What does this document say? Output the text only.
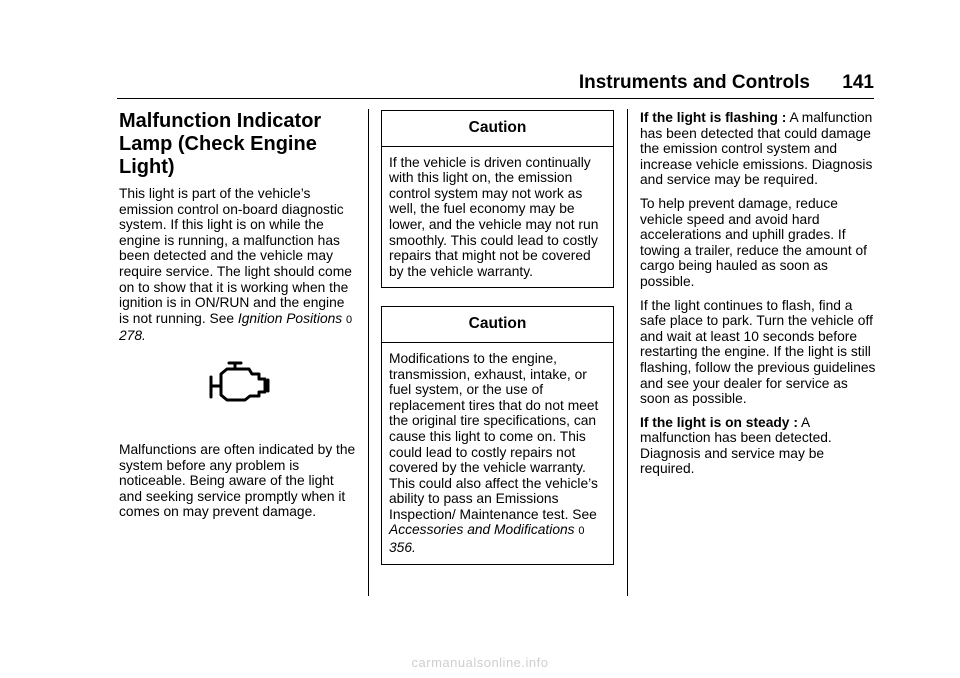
Instruments and Controls	141
Malfunction Indicator Lamp (Check Engine Light)

This light is part of the vehicle’s emission control on-board diagnostic system. If this light is on while the engine is running, a malfunction has been detected and the vehicle may require service. The light should come on to show that it is working when the ignition is in ON/RUN and the engine is not running. See Ignition Positions 0 278.

Malfunctions are often indicated by the system before any problem is noticeable. Being aware of the light and seeking service promptly when it comes on may prevent damage.

Caution
If the vehicle is driven continually with this light on, the emission control system may not work as well, the fuel economy may be lower, and the vehicle may not run smoothly. This could lead to costly repairs that might not be covered by the vehicle warranty.
Caution
Modifications to the engine, transmission, exhaust, intake, or fuel system, or the use of replacement tires that do not meet the original tire specifications, can cause this light to come on. This could lead to costly repairs not covered by the vehicle warranty. This could also affect the vehicle’s ability to pass an Emissions Inspection/ Maintenance test. See
Accessories and Modifications 0 356.

If the light is flashing : A malfunction has been detected that could damage the emission control system and increase vehicle emissions. Diagnosis and service may be required.

To help prevent damage, reduce vehicle speed and avoid hard accelerations and uphill grades. If towing a trailer, reduce the amount of cargo being hauled as soon as possible.

If the light continues to flash, find a safe place to park. Turn the vehicle off and wait at least 10 seconds before restarting the engine. If the light is still flashing, follow the previous guidelines and see your dealer for service as soon as possible.

If the light is on steady : A malfunction has been detected. Diagnosis and service may be required.

carmanualsonline.info
